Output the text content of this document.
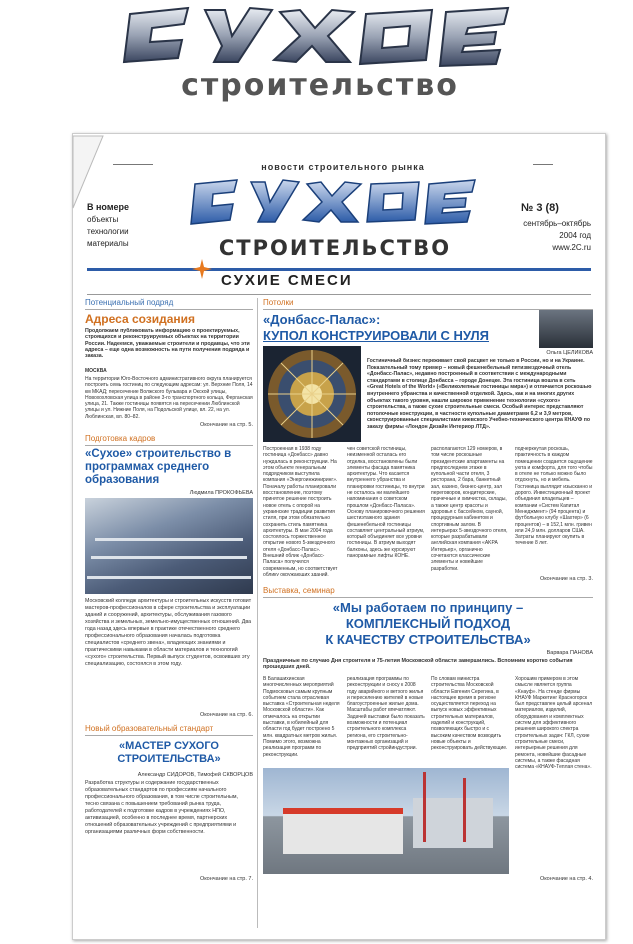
строительство
новости строительного рынка
В номере
объекты
технологии
материалы	СТРОИТЕЛЬСТВО
№ 3 (8)
сентябрь–октябрь
2004 год
www.2C.ru
СУХИЕ СМЕСИ
Потенциальный подряд
Адреса созидания
Продолжаем публиковать информацию о проектируемых, строящихся и реконструируемых объектах на территории России. Надеемся, уважаемые строители и продавцы, что эти адреса – еще одна возможность на пути получения подряда и заказа.
МОСКВА
На территории Юго-Восточного административного округа планируется построить семь гостиниц по следующим адресам: ул. Верхние Поля, 14 км МКАД; пересечение Волжского бульвара и Окской улицы, Новохохловская улица в районе 3-го транспортного кольца, Ферганская улица, 21. Также гостиницы появятся на пересечении Люблинской улицы и ул. Нижние Поля, на Подольской улице, вл. 22, на ул. Люблинская, вл. 80–82.
Окончание на стр. 5.
Подготовка кадров
«Сухое» строительство в программах среднего образования
Людмила ПРОКОФЬЕВА
Московский колледж архитектуры и строительных искусств готовит мастеров-профессионалов в сфере строительства и эксплуатации зданий и сооружений, архитектуры, обслуживания газового хозяйства и земельных, земельно-имущественных отношений. Два года назад здесь впервые в практике отечественного среднего профессионального образования началась подготовка специалистов «среднего звена», владеющих знаниями и практическими навыками в области материалов и технологий «сухого» строительства. Первый выпуск студентов, освоивших эту специализацию, состоялся в этом году.
Окончание на стр. 6.
Новый образовательный стандарт
«МАСТЕР СУХОГО СТРОИТЕЛЬСТВА»
Александр СИДОРОВ, Тимофей СКВОРЦОВ
Разработка структуры и содержание государственных образовательных стандартов по профессиям начального профессионального образования, в том числе строительным, тесно связана с повышением требований рынка труда, работодателей к подготовке кадров в учреждениях НПО, активизацией, особенно в последнее время, партнерских отношений образовательных учреждений с предприятиями и организациями различных форм собственности.
Окончание на стр. 7.
Потолки
«Донбасс-Палас»:
КУПОЛ КОНСТРУИРОВАЛИ С НУЛЯ
Ольга ЦЕЛИКОВА
Гостиничный бизнес переживает свой расцвет не только в России, но и на Украине. Показательный тому пример – новый фешенебельный пятизвездочный отель «Донбасс-Палас», недавно построенный в соответствии с международными стандартами в столице Донбасса – городе Донецке. Эта гостиница вошла в сеть «Great Hotels of the World» («Великолепные гостиницы мира») и отличается роскошью внутреннего убранства и качественной отделкой. Здесь, как и на многих других объектах такого уровня, нашли широкое применение технологии «сухого» строительства, а также сухие строительные смеси. Особый интерес представляют потолочные конструкции, в частности купольные диаметрами 6,2 и 3,9 метров, сконструированные специалистами киевского Учебно-технического центра КНАУФ по заказу фирмы «Лондон Дизайн Интериор ЛТД».
Построенная в 1938 году гостиница «Донбасс» давно нуждалась в реконструкции. На этом объекте генеральным подрядчиком выступила компания «Энергоинжиниринг». Поначалу работы планировали восстановление, поэтому принятое решение построить новое отель с опорой на украинские традиции развития стиля, при этом обязательно сохранить стиль памятника архитектуры. В мае 2004 года состоялось торжественное открытие нового 5-звездочного отеля «Донбасс-Палас». Внешний облик «Донбасс-Паласа» получился современным, но соответствует облику окружающих зданий.
чен советской гостиницы, неизменной осталась его отделка, восстановлены были элементы фасада памятника архитектуры. Что касается внутреннего убранства и планировки гостиницы, то внутри не осталось ни малейшего напоминания о советском прошлом «Донбасс-Паласа». Основу планировочного решения шестиэтажного здания фешенебельной гостиницы составляет центральный атриум, который объединяет все уровни гостиницы. В атриум выходят балконы, здесь же курсируют панорамные лифты КОНЕ.
располагаются 129 номеров, в том числе роскошные президентские апартаменты на предпоследнем этаже в купольной части отеля, 3 ресторана, 2 бара, банкетный зал, казино, бизнес-центр, зал переговоров, кондитерские, прачечные и химчистка, склады, а также центр красоты и здоровья с бассейном, сауной, процедурным кабинетом и спортивным залом. В интерьерах 5-звездочного отеля, которые разрабатывали английская компания «AKPA Интерьер», органично сочетаются классические элементы и новейшие разработки.
подчеркнутая роскошь, практичность в каждом помещении создается ощущение уюта и комфорта, для того чтобы в отеле не только можно было отдохнуть, но и мебель. Гостиница выглядит изысканно и дорого. Инвестиционный проект объединил владельцев – компании «Систем Капитал Менеджмент» (94 процента) и футбольную клубу «Шахтер» (6 процентов) – в 152,1 млн. гривен или 24,9 млн. долларов США. Затраты планируют окупить в течение 8 лет.
Окончание на стр. 3.
Выставка, семинар
«Мы работаем по принципу –
КОМПЛЕКСНЫЙ ПОДХОД
К КАЧЕСТВУ СТРОИТЕЛЬСТВА»
Варвара ПАНОВА
Праздничные по случаю Дня строителя и 75-летия Московской области завершились. Вспомним коротко события прошедших дней.
В Балашихинская многочисленных мероприятий Подмосковья самым крупным событием стала отраслевая выставка «Строительная неделя Московской области». Как отмечалось на открытии выставки, в юбилейный для области год будет построено 5 млн. квадратных метров жилья. Помимо этого, возможна реализация программ по реконструкции.
реализация программы по реконструкции и сносу к 2008 году аварийного и ветхого жилья и переселению жителей в новые благоустроенные жилые дома. Масштабы работ впечатляют. Задачей выставки было показать возможности и потенциал строительного комплекса региона, его строительно-монтажных организаций и предприятий стройиндустрии.
По словам министра строительства Московской области Евгения Серегина, в настоящее время в регионе осуществляется переход на выпуск новых эффективных строительных материалов, изделий и конструкций, позволяющих быстро и с высоким качеством возводить новые объекты и реконструировать действующие.
Хорошим примером в этом смысле является группа «Кнауф». На стенде фирмы КНАУФ Маркетинг Красногорск был представлен целый арсенал материалов, изделий, оборудования и комплектных систем для эффективного решения широкого спектра строительных задач: ГКЛ, сухие строительные смеси, интерьерные решения для ремонта, новейшие фасадные системы, а также фасадная система «КНАУФ-Теплая стена».
Окончание на стр. 4.
